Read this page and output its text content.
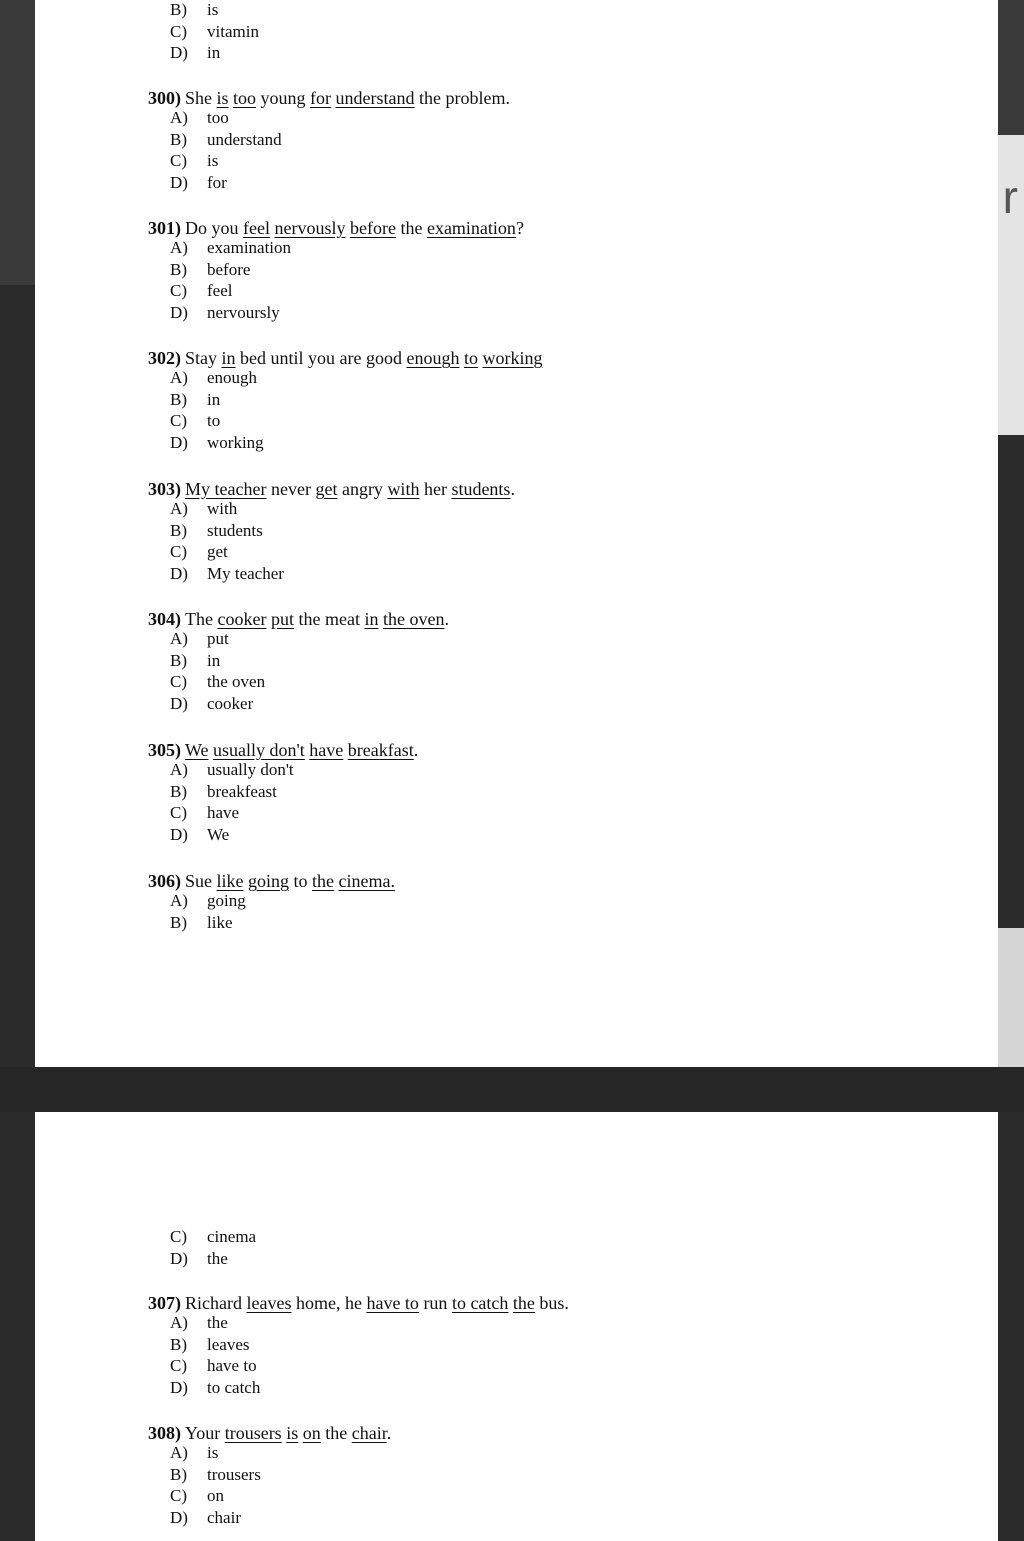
r
B) is
C) vitamin
D) in
300) She is too young for understand the problem.
A) too
B) understand
C) is
D) for
301) Do you feel nervously before the examination?
A) examination
B) before
C) feel
D) nervoursly
302) Stay in bed until you are good enough to working
A) enough
B) in
C) to
D) working
303) My teacher never get angry with her students.
A) with
B) students
C) get
D) My teacher
304) The cooker put the meat in the oven.
A) put
B) in
C) the oven
D) cooker
305) We usually don't have breakfast.
A) usually don't
B) breakfeast
C) have
D) We
306) Sue like going to the cinema.
A) going
B) like
C) cinema
D) the
307) Richard leaves home, he have to run to catch the bus.
A) the
B) leaves
C) have to
D) to catch
308) Your trousers is on the chair.
A) is
B) trousers
C) on
D) chair
